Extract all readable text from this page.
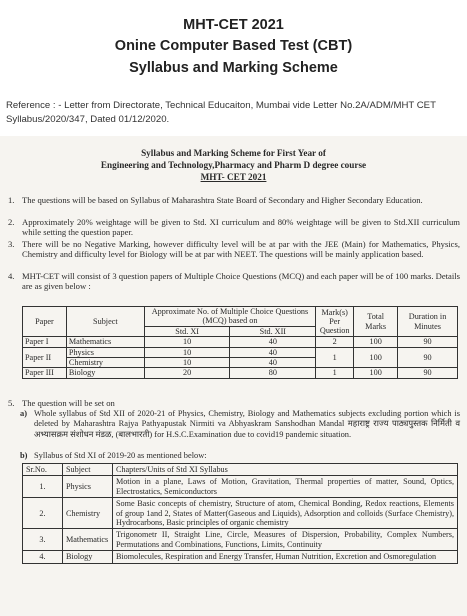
MHT-CET 2021
Onine Computer Based Test (CBT)
Syllabus and Marking Scheme
Reference : - Letter from Directorate, Technical Educaiton, Mumbai vide Letter No.2A/ADM/MHT CET Syllabus/2020/347, Dated 01/12/2020.
Syllabus and Marking Scheme for First Year of
Engineering and Technology,Pharmacy and Pharm D degree course
MHT- CET 2021
1. The questions will be based on Syllabus of Maharashtra State Board of Secondary and Higher Secondary Education.
2. Approximately 20% weightage will be given to Std. XI curriculum and 80% weightage will be given to Std.XII curriculum while setting the question paper.
3. There will be no Negative Marking, however difficulty level will be at par with the JEE (Main) for Mathematics, Physics, Chemistry and difficulty level for Biology will be at par with NEET. The questions will be mainly application based.
4. MHT-CET will consist of 3 question papers of Multiple Choice Questions (MCQ) and each paper will be of 100 marks. Details are as given below :
Paper	Subject	Approximate No. of Multiple Choice Questions (MCQ) based on		Mark(s) Per Question	Total Marks	Duration in Minutes
		Std. XI	Std. XII			
Paper I	Mathematics	10	40	2	100	90
Paper II	Physics	10	40	1	100	90
	Chemistry	10	40			
Paper III	Biology	20	80	1	100	90
5. The question will be set on
a) Whole syllabus of Std XII of 2020-21 of Physics, Chemistry, Biology and Mathematics subjects excluding portion which is deleted by Maharashtra Rajya Pathyapustak Nirmiti va Abhyaskram Sanshodhan Mandal महाराष्ट्र राज्य पाठ्यपुस्तक निर्मिती व अभ्यासक्रम संशोधन मंडळ, (बालभारती) for H.S.C.Examination due to covid19 pandemic situation.
b) Syllabus of Std XI of 2019-20 as mentioned below:
Sr.No.	Subject	Chapters/Units of Std XI Syllabus
1.	Physics	Motion in a plane, Laws of Motion, Gravitation, Thermal properties of matter, Sound, Optics, Electrostatics, Semiconductors
2.	Chemistry	Some Basic concepts of chemistry, Structure of atom, Chemical Bonding, Redox reactions, Elements of group 1and 2, States of Matter(Gaseous and Liquids), Adsorption and colloids (Surface Chemistry), Hydrocarbons, Basic principles of organic chemistry
3.	Mathematics	Trigonometr II, Straight Line, Circle, Measures of Dispersion, Probability, Complex Numbers, Permutations and Combinations, Functions, Limits, Continuity
4.	Biology	Biomolecules, Respiration and Energy Transfer, Human Nutrition, Excretion and Osmoregulation
